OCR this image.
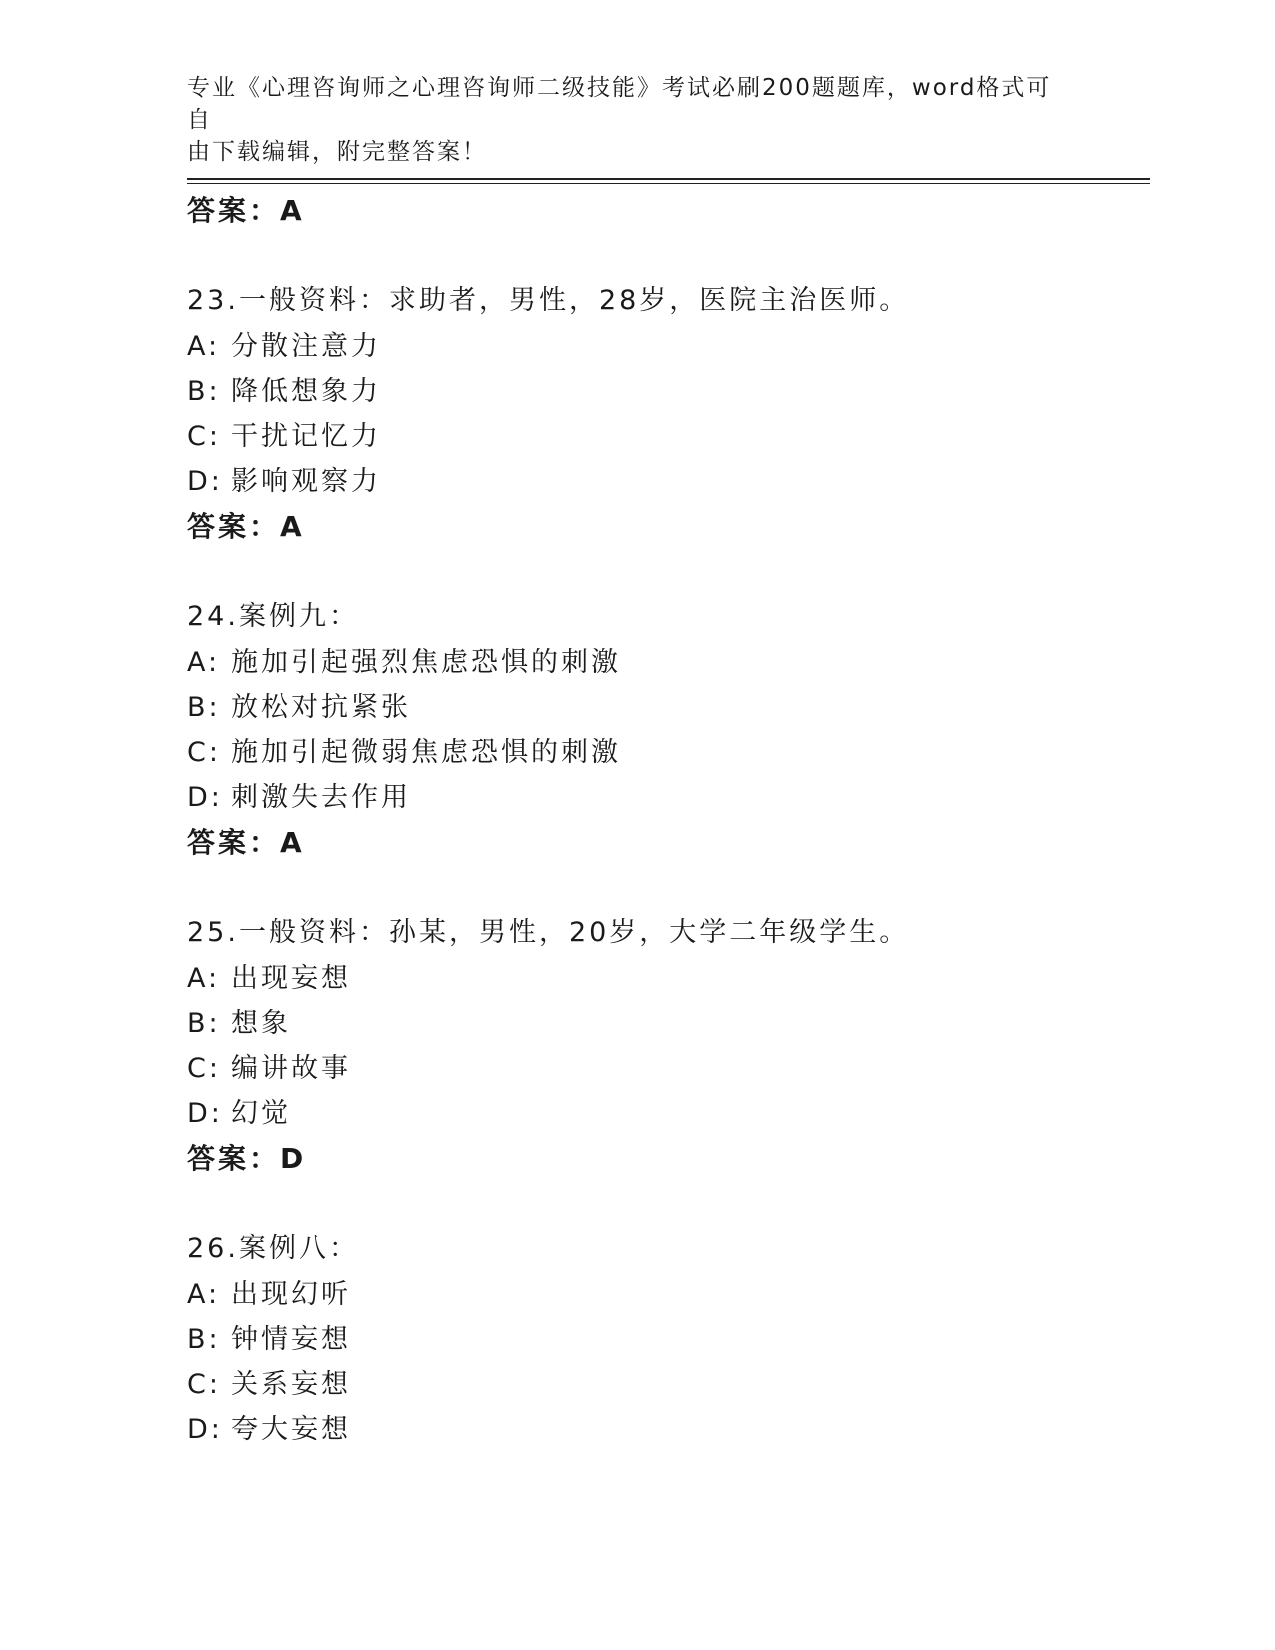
专业《心理咨询师之心理咨询师二级技能》考试必刷200题题库，word格式可自
由下载编辑，附完整答案！
答案：A
23.一般资料：求助者，男性，28岁，医院主治医师。
A: 分散注意力
B: 降低想象力
C: 干扰记忆力
D: 影响观察力
答案：A
24.案例九：
A: 施加引起强烈焦虑恐惧的刺激
B: 放松对抗紧张
C: 施加引起微弱焦虑恐惧的刺激
D: 刺激失去作用
答案：A
25.一般资料：孙某，男性，20岁，大学二年级学生。
A: 出现妄想
B: 想象
C: 编讲故事
D: 幻觉
答案：D
26.案例八：
A: 出现幻听
B: 钟情妄想
C: 关系妄想
D: 夸大妄想
